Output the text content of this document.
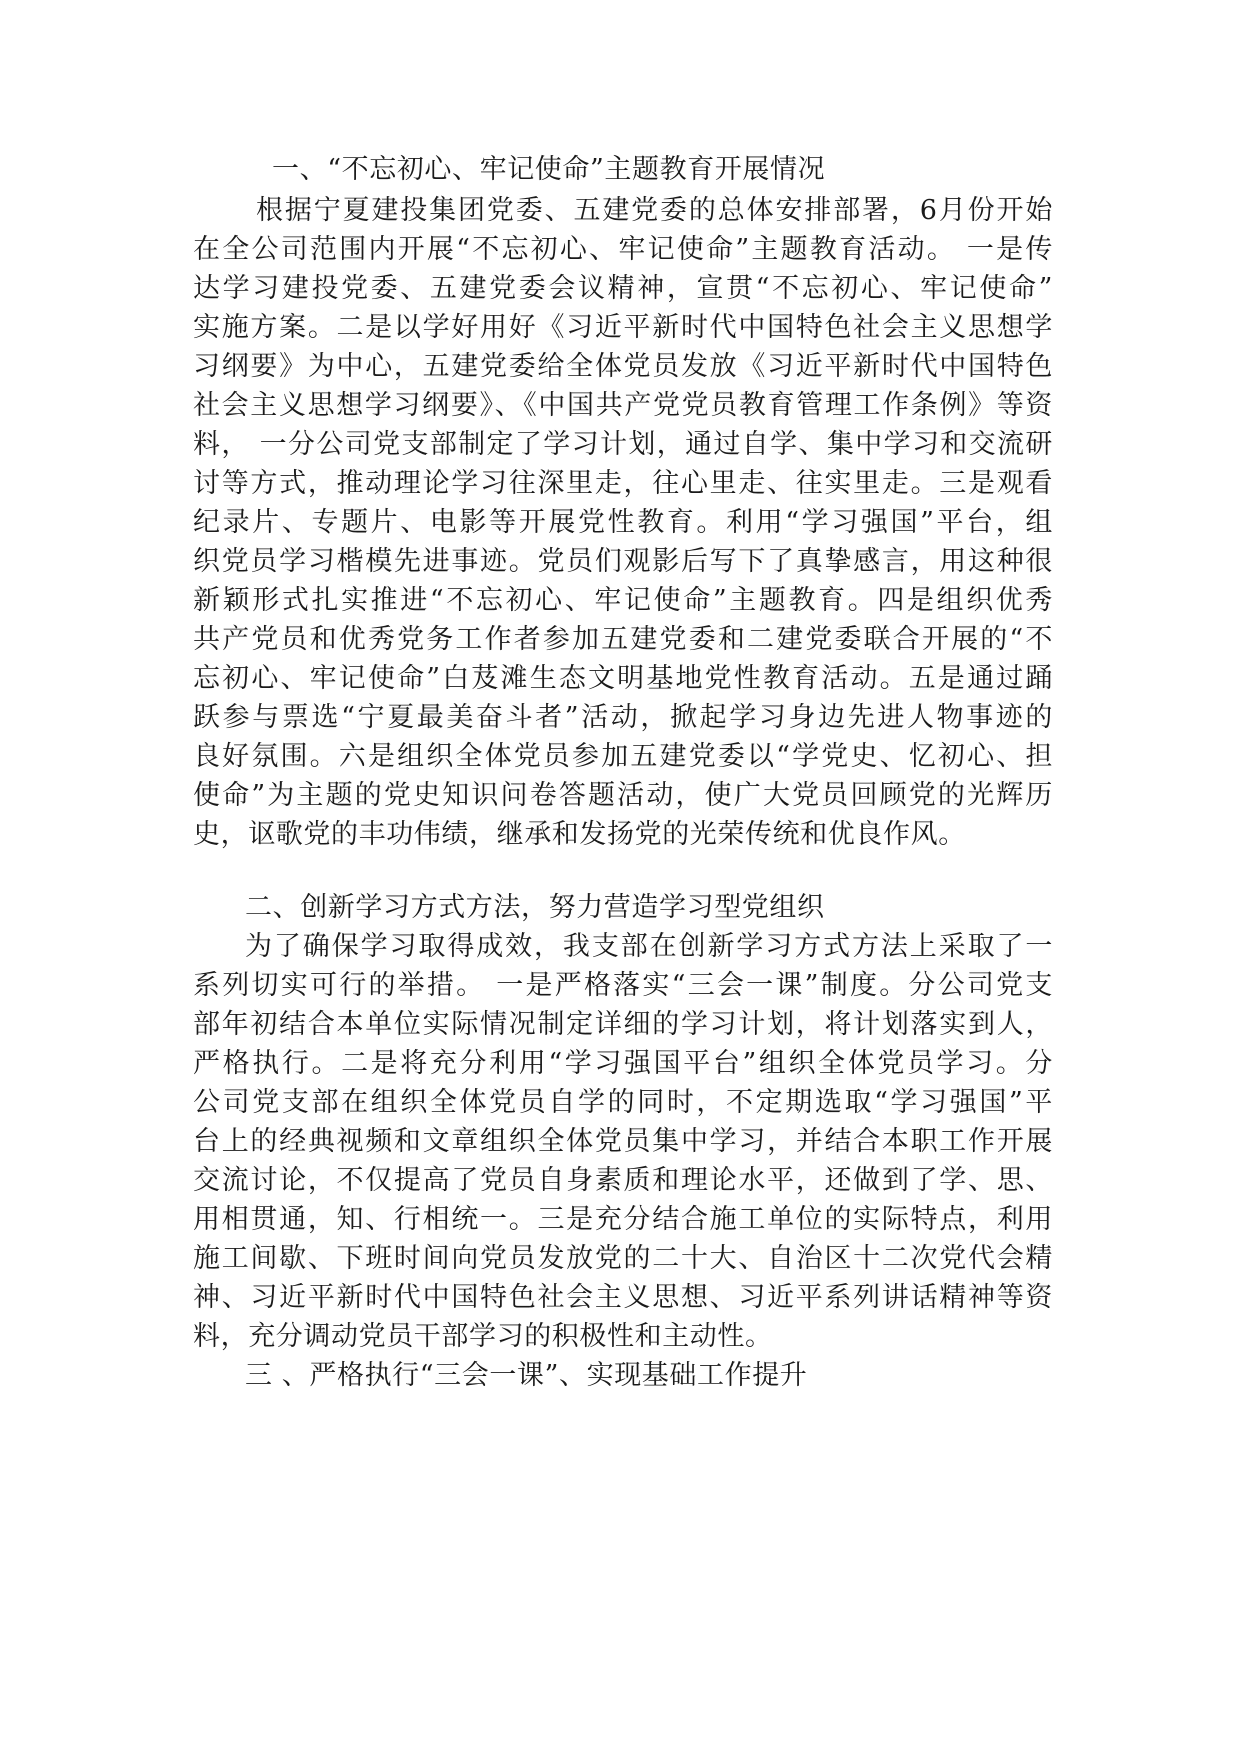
一、“不忘初心、牢记使命”主题教育开展情况
根据宁夏建投集团党委、五建党委的总体安排部署，6月份开始
在全公司范围内开展“不忘初心、牢记使命”主题教育活动。 一是传
达学习建投党委、五建党委会议精神，宣贯“不忘初心、牢记使命”
实施方案。二是以学好用好《习近平新时代中国特色社会主义思想学
习纲要》为中心，五建党委给全体党员发放《习近平新时代中国特色
社会主义思想学习纲要》、《中国共产党党员教育管理工作条例》等资
料， 一分公司党支部制定了学习计划，通过自学、集中学习和交流研
讨等方式，推动理论学习往深里走，往心里走、往实里走。三是观看
纪录片、专题片、电影等开展党性教育。利用“学习强国”平台，组
织党员学习楷模先进事迹。党员们观影后写下了真挚感言，用这种很
新颖形式扎实推进“不忘初心、牢记使命”主题教育。四是组织优秀
共产党员和优秀党务工作者参加五建党委和二建党委联合开展的“不
忘初心、牢记使命”白芨滩生态文明基地党性教育活动。五是通过踊
跃参与票选“宁夏最美奋斗者”活动，掀起学习身边先进人物事迹的
良好氛围。六是组织全体党员参加五建党委以“学党史、忆初心、担
使命”为主题的党史知识问卷答题活动，使广大党员回顾党的光辉历
史，讴歌党的丰功伟绩，继承和发扬党的光荣传统和优良作风。
二、创新学习方式方法，努力营造学习型党组织
为了确保学习取得成效，我支部在创新学习方式方法上采取了一
系列切实可行的举措。 一是严格落实“三会一课”制度。分公司党支
部年初结合本单位实际情况制定详细的学习计划，将计划落实到人，
严格执行。二是将充分利用“学习强国平台”组织全体党员学习。分
公司党支部在组织全体党员自学的同时，不定期选取“学习强国”平
台上的经典视频和文章组织全体党员集中学习，并结合本职工作开展
交流讨论，不仅提高了党员自身素质和理论水平，还做到了学、思、
用相贯通，知、行相统一。三是充分结合施工单位的实际特点，利用
施工间歇、下班时间向党员发放党的二十大、自治区十二次党代会精
神、习近平新时代中国特色社会主义思想、习近平系列讲话精神等资
料，充分调动党员干部学习的积极性和主动性。
三 、严格执行“三会一课”、实现基础工作提升
